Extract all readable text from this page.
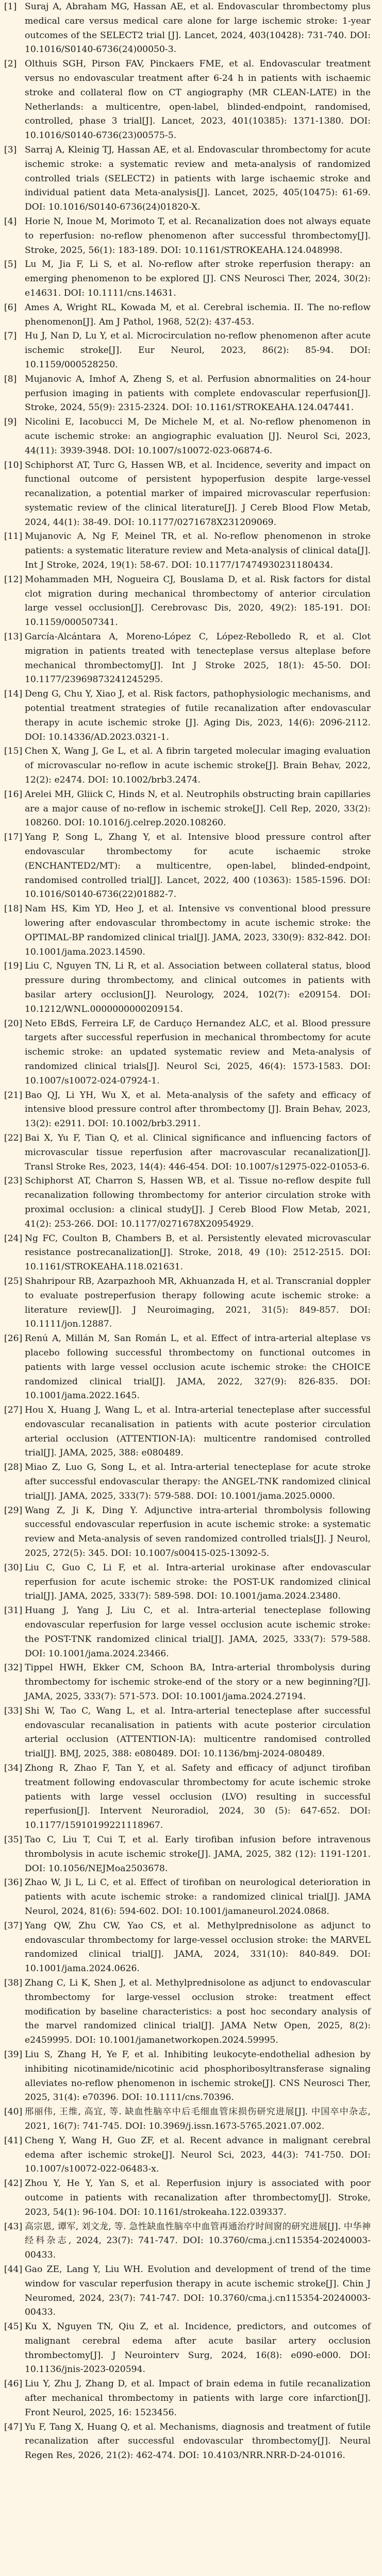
[1] Suraj A, Abraham MG, Hassan AE, et al. Endovascular thrombectomy plus medical care versus medical care alone for large ischemic stroke: 1-year outcomes of the SELECT2 trial [J]. Lancet, 2024, 403(10428): 731-740. DOI: 10.1016/S0140-6736(24)00050-3.
[2] Olthuis SGH, Pirson FAV, Pinckaers FME, et al. Endovascular treatment versus no endovascular treatment after 6-24 h in patients with ischaemic stroke and collateral flow on CT angiography (MR CLEAN-LATE) in the Netherlands: a multicentre, open-label, blinded-endpoint, randomised, controlled, phase 3 trial[J]. Lancet, 2023, 401(10385): 1371-1380. DOI: 10.1016/S0140-6736(23)00575-5.
[3] Sarraj A, Kleinig TJ, Hassan AE, et al. Endovascular thrombectomy for acute ischemic stroke: a systematic review and meta-analysis of randomized controlled trials (SELECT2) in patients with large ischaemic stroke and individual patient data Meta-analysis[J]. Lancet, 2025, 405(10475): 61-69. DOI: 10.1016/S0140-6736(24)01820-X.
[4] Horie N, Inoue M, Morimoto T, et al. Recanalization does not always equate to reperfusion: no-reflow phenomenon after successful thrombectomy[J]. Stroke, 2025, 56(1): 183-189. DOI: 10.1161/STROKEAHA.124.048998.
[5] Lu M, Jia F, Li S, et al. No-reflow after stroke reperfusion therapy: an emerging phenomenon to be explored [J]. CNS Neurosci Ther, 2024, 30(2): e14631. DOI: 10.1111/cns.14631.
[6] Ames A, Wright RL, Kowada M, et al. Cerebral ischemia. II. The no-reflow phenomenon[J]. Am J Pathol, 1968, 52(2): 437-453.
[7] Hu J, Nan D, Lu Y, et al. Microcirculation no-reflow phenomenon after acute ischemic stroke[J]. Eur Neurol, 2023, 86(2): 85-94. DOI: 10.1159/000528250.
[8] Mujanovic A, Imhof A, Zheng S, et al. Perfusion abnormalities on 24-hour perfusion imaging in patients with complete endovascular reperfusion[J]. Stroke, 2024, 55(9): 2315-2324. DOI: 10.1161/STROKEAHA.124.047441.
[9] Nicolini E, Iacobucci M, De Michele M, et al. No-reflow phenomenon in acute ischemic stroke: an angiographic evaluation [J]. Neurol Sci, 2023, 44(11): 3939-3948. DOI: 10.1007/s10072-023-06874-6.
[10] Schiphorst AT, Turc G, Hassen WB, et al. Incidence, severity and impact on functional outcome of persistent hypoperfusion despite large-vessel recanalization, a potential marker of impaired microvascular reperfusion: systematic review of the clinical literature[J]. J Cereb Blood Flow Metab, 2024, 44(1): 38-49. DOI: 10.1177/0271678X231209069.
[11] Mujanovic A, Ng F, Meinel TR, et al. No-reflow phenomenon in stroke patients: a systematic literature review and Meta-analysis of clinical data[J]. Int J Stroke, 2024, 19(1): 58-67. DOI: 10.1177/17474930231180434.
[12] Mohammaden MH, Nogueira CJ, Bouslama D, et al. Risk factors for distal clot migration during mechanical thrombectomy of anterior circulation large vessel occlusion[J]. Cerebrovasc Dis, 2020, 49(2): 185-191. DOI: 10.1159/000507341.
[13] García-Alcántara A, Moreno-López C, López-Rebolledo R, et al. Clot migration in patients treated with tenecteplase versus alteplase before mechanical thrombectomy[J]. Int J Stroke 2025, 18(1): 45-50. DOI: 10.1177/23969873241245295.
[14] Deng G, Chu Y, Xiao J, et al. Risk factors, pathophysiologic mechanisms, and potential treatment strategies of futile recanalization after endovascular therapy in acute ischemic stroke [J]. Aging Dis, 2023, 14(6): 2096-2112. DOI: 10.14336/AD.2023.0321-1.
[15] Chen X, Wang J, Ge L, et al. A fibrin targeted molecular imaging evaluation of microvascular no-reflow in acute ischemic stroke[J]. Brain Behav, 2022, 12(2): e2474. DOI: 10.1002/brb3.2474.
[16] Arelei MH, Gliick C, Hinds N, et al. Neutrophils obstructing brain capillaries are a major cause of no-reflow in ischemic stroke[J]. Cell Rep, 2020, 33(2): 108260. DOI: 10.1016/j.celrep.2020.108260.
[17] Yang P, Song L, Zhang Y, et al. Intensive blood pressure control after endovascular thrombectomy for acute ischaemic stroke (ENCHANTED2/MT): a multicentre, open-label, blinded-endpoint, randomised controlled trial[J]. Lancet, 2022, 400 (10363): 1585-1596. DOI: 10.1016/S0140-6736(22)01882-7.
[18] Nam HS, Kim YD, Heo J, et al. Intensive vs conventional blood pressure lowering after endovascular thrombectomy in acute ischemic stroke: the OPTIMAL-BP randomized clinical trial[J]. JAMA, 2023, 330(9): 832-842. DOI: 10.1001/jama.2023.14590.
[19] Liu C, Nguyen TN, Li R, et al. Association between collateral status, blood pressure during thrombectomy, and clinical outcomes in patients with basilar artery occlusion[J]. Neurology, 2024, 102(7): e209154. DOI: 10.1212/WNL.0000000000209154.
[20] Neto EBdS, Ferreira LF, de Carduço Hernandez ALC, et al. Blood pressure targets after successful reperfusion in mechanical thrombectomy for acute ischemic stroke: an updated systematic review and Meta-analysis of randomized clinical trials[J]. Neurol Sci, 2025, 46(4): 1573-1583. DOI: 10.1007/s10072-024-07924-1.
[21] Bao QJ, Li YH, Wu X, et al. Meta-analysis of the safety and efficacy of intensive blood pressure control after thrombectomy [J]. Brain Behav, 2023, 13(2): e2911. DOI: 10.1002/brb3.2911.
[22] Bai X, Yu F, Tian Q, et al. Clinical significance and influencing factors of microvascular tissue reperfusion after macrovascular recanalization[J]. Transl Stroke Res, 2023, 14(4): 446-454. DOI: 10.1007/s12975-022-01053-6.
[23] Schiphorst AT, Charron S, Hassen WB, et al. Tissue no-reflow despite full recanalization following thrombectomy for anterior circulation stroke with proximal occlusion: a clinical study[J]. J Cereb Blood Flow Metab, 2021, 41(2): 253-266. DOI: 10.1177/0271678X20954929.
[24] Ng FC, Coulton B, Chambers B, et al. Persistently elevated microvascular resistance postrecanalization[J]. Stroke, 2018, 49 (10): 2512-2515. DOI: 10.1161/STROKEAHA.118.021631.
[25] Shahripour RB, Azarpazhooh MR, Akhuanzada H, et al. Transcranial doppler to evaluate postreperfusion therapy following acute ischemic stroke: a literature review[J]. J Neuroimaging, 2021, 31(5): 849-857. DOI: 10.1111/jon.12887.
[26] Renú A, Millán M, San Román L, et al. Effect of intra-arterial alteplase vs placebo following successful thrombectomy on functional outcomes in patients with large vessel occlusion acute ischemic stroke: the CHOICE randomized clinical trial[J]. JAMA, 2022, 327(9): 826-835. DOI: 10.1001/jama.2022.1645.
[27] Hou X, Huang J, Wang L, et al. Intra-arterial tenecteplase after successful endovascular recanalisation in patients with acute posterior circulation arterial occlusion (ATTENTION-IA): multicentre randomised controlled trial[J]. JAMA, 2025, 388: e080489.
[28] Miao Z, Luo G, Song L, et al. Intra-arterial tenecteplase for acute stroke after successful endovascular therapy: the ANGEL-TNK randomized clinical trial[J]. JAMA, 2025, 333(7): 579-588. DOI: 10.1001/jama.2025.0000.
[29] Wang Z, Ji K, Ding Y. Adjunctive intra-arterial thrombolysis following successful endovascular reperfusion in acute ischemic stroke: a systematic review and Meta-analysis of seven randomized controlled trials[J]. J Neurol, 2025, 272(5): 345. DOI: 10.1007/s00415-025-13092-5.
[30] Liu C, Guo C, Li F, et al. Intra-arterial urokinase after endovascular reperfusion for acute ischemic stroke: the POST-UK randomized clinical trial[J]. JAMA, 2025, 333(7): 589-598. DOI: 10.1001/jama.2024.23480.
[31] Huang J, Yang J, Liu C, et al. Intra-arterial tenecteplase following endovascular reperfusion for large vessel occlusion acute ischemic stroke: the POST-TNK randomized clinical trial[J]. JAMA, 2025, 333(7): 579-588. DOI: 10.1001/jama.2024.23466.
[32] Tippel HWH, Ekker CM, Schoon BA, Intra-arterial thrombolysis during thrombectomy for ischemic stroke-end of the story or a new beginning?[J]. JAMA, 2025, 333(7): 571-573. DOI: 10.1001/jama.2024.27194.
[33] Shi W, Tao C, Wang L, et al. Intra-arterial tenecteplase after successful endovascular recanalisation in patients with acute posterior circulation arterial occlusion (ATTENTION-IA): multicentre randomised controlled trial[J]. BMJ, 2025, 388: e080489. DOI: 10.1136/bmj-2024-080489.
[34] Zhong R, Zhao F, Tan Y, et al. Safety and efficacy of adjunct tirofiban treatment following endovascular thrombectomy for acute ischemic stroke patients with large vessel occlusion (LVO) resulting in successful reperfusion[J]. Intervent Neuroradiol, 2024, 30 (5): 647-652. DOI: 10.1177/15910199221118967.
[35] Tao C, Liu T, Cui T, et al. Early tirofiban infusion before intravenous thrombolysis in acute ischemic stroke[J]. JAMA, 2025, 382 (12): 1191-1201. DOI: 10.1056/NEJMoa2503678.
[36] Zhao W, Ji L, Li C, et al. Effect of tirofiban on neurological deterioration in patients with acute ischemic stroke: a randomized clinical trial[J]. JAMA Neurol, 2024, 81(6): 594-602. DOI: 10.1001/jamaneurol.2024.0868.
[37] Yang QW, Zhu CW, Yao CS, et al. Methylprednisolone as adjunct to endovascular thrombectomy for large-vessel occlusion stroke: the MARVEL randomized clinical trial[J]. JAMA, 2024, 331(10): 840-849. DOI: 10.1001/jama.2024.0626.
[38] Zhang C, Li K, Shen J, et al. Methylprednisolone as adjunct to endovascular thrombectomy for large-vessel occlusion stroke: treatment effect modification by baseline characteristics: a post hoc secondary analysis of the marvel randomized clinical trial[J]. JAMA Netw Open, 2025, 8(2): e2459995. DOI: 10.1001/jamanetworkopen.2024.59995.
[39] Liu S, Zhang H, Ye F, et al. Inhibiting leukocyte-endothelial adhesion by inhibiting nicotinamide/nicotinic acid phosphoribosyltransferase signaling alleviates no-reflow phenomenon in ischemic stroke[J]. CNS Neurosci Ther, 2025, 31(4): e70396. DOI: 10.1111/cns.70396.
[40] 邢丽伟, 王维, 高宜, 等. 缺血性脑卒中后毛细血管床损伤研究进展[J]. 中国卒中杂志, 2021, 16(7): 741-745. DOI: 10.3969/j.issn.1673-5765.2021.07.002.
[41] Cheng Y, Wang H, Guo ZF, et al. Recent advance in malignant cerebral edema after ischemic stroke[J]. Neurol Sci, 2023, 44(3): 741-750. DOI: 10.1007/s10072-022-06483-x.
[42] Zhou Y, He Y, Yan S, et al. Reperfusion injury is associated with poor outcome in patients with recanalization after thrombectomy[J]. Stroke, 2023, 54(1): 96-104. DOI: 10.1161/strokeaha.122.039337.
[43] 高宗恩, 谭军, 刘文龙, 等. 急性缺血性脑卒中血管再通治疗时间窗的研究进展[J]. 中华神经科杂志, 2024, 23(7): 741-747. DOI: 10.3760/cma.j.cn115354-20240003-00433.
[44] Gao ZE, Lang Y, Liu WH. Evolution and development of trend of the time window for vascular reperfusion therapy in acute ischemic stroke[J]. Chin J Neuromed, 2024, 23(7): 741-747. DOI: 10.3760/cma.j.cn115354-20240003-00433.
[45] Ku X, Nguyen TN, Qiu Z, et al. Incidence, predictors, and outcomes of malignant cerebral edema after acute basilar artery occlusion thrombectomy[J]. J Neurointerv Surg, 2024, 16(8): e090-e000. DOI: 10.1136/jnis-2023-020594.
[46] Liu Y, Zhu J, Zhang D, et al. Impact of brain edema in futile recanalization after mechanical thrombectomy in patients with large core infarction[J]. Front Neurol, 2025, 16: 1523456.
[47] Yu F, Tang X, Huang Q, et al. Mechanisms, diagnosis and treatment of futile recanalization after successful endovascular thrombectomy[J]. Neural Regen Res, 2026, 21(2): 462-474. DOI: 10.4103/NRR.NRR-D-24-01016.
